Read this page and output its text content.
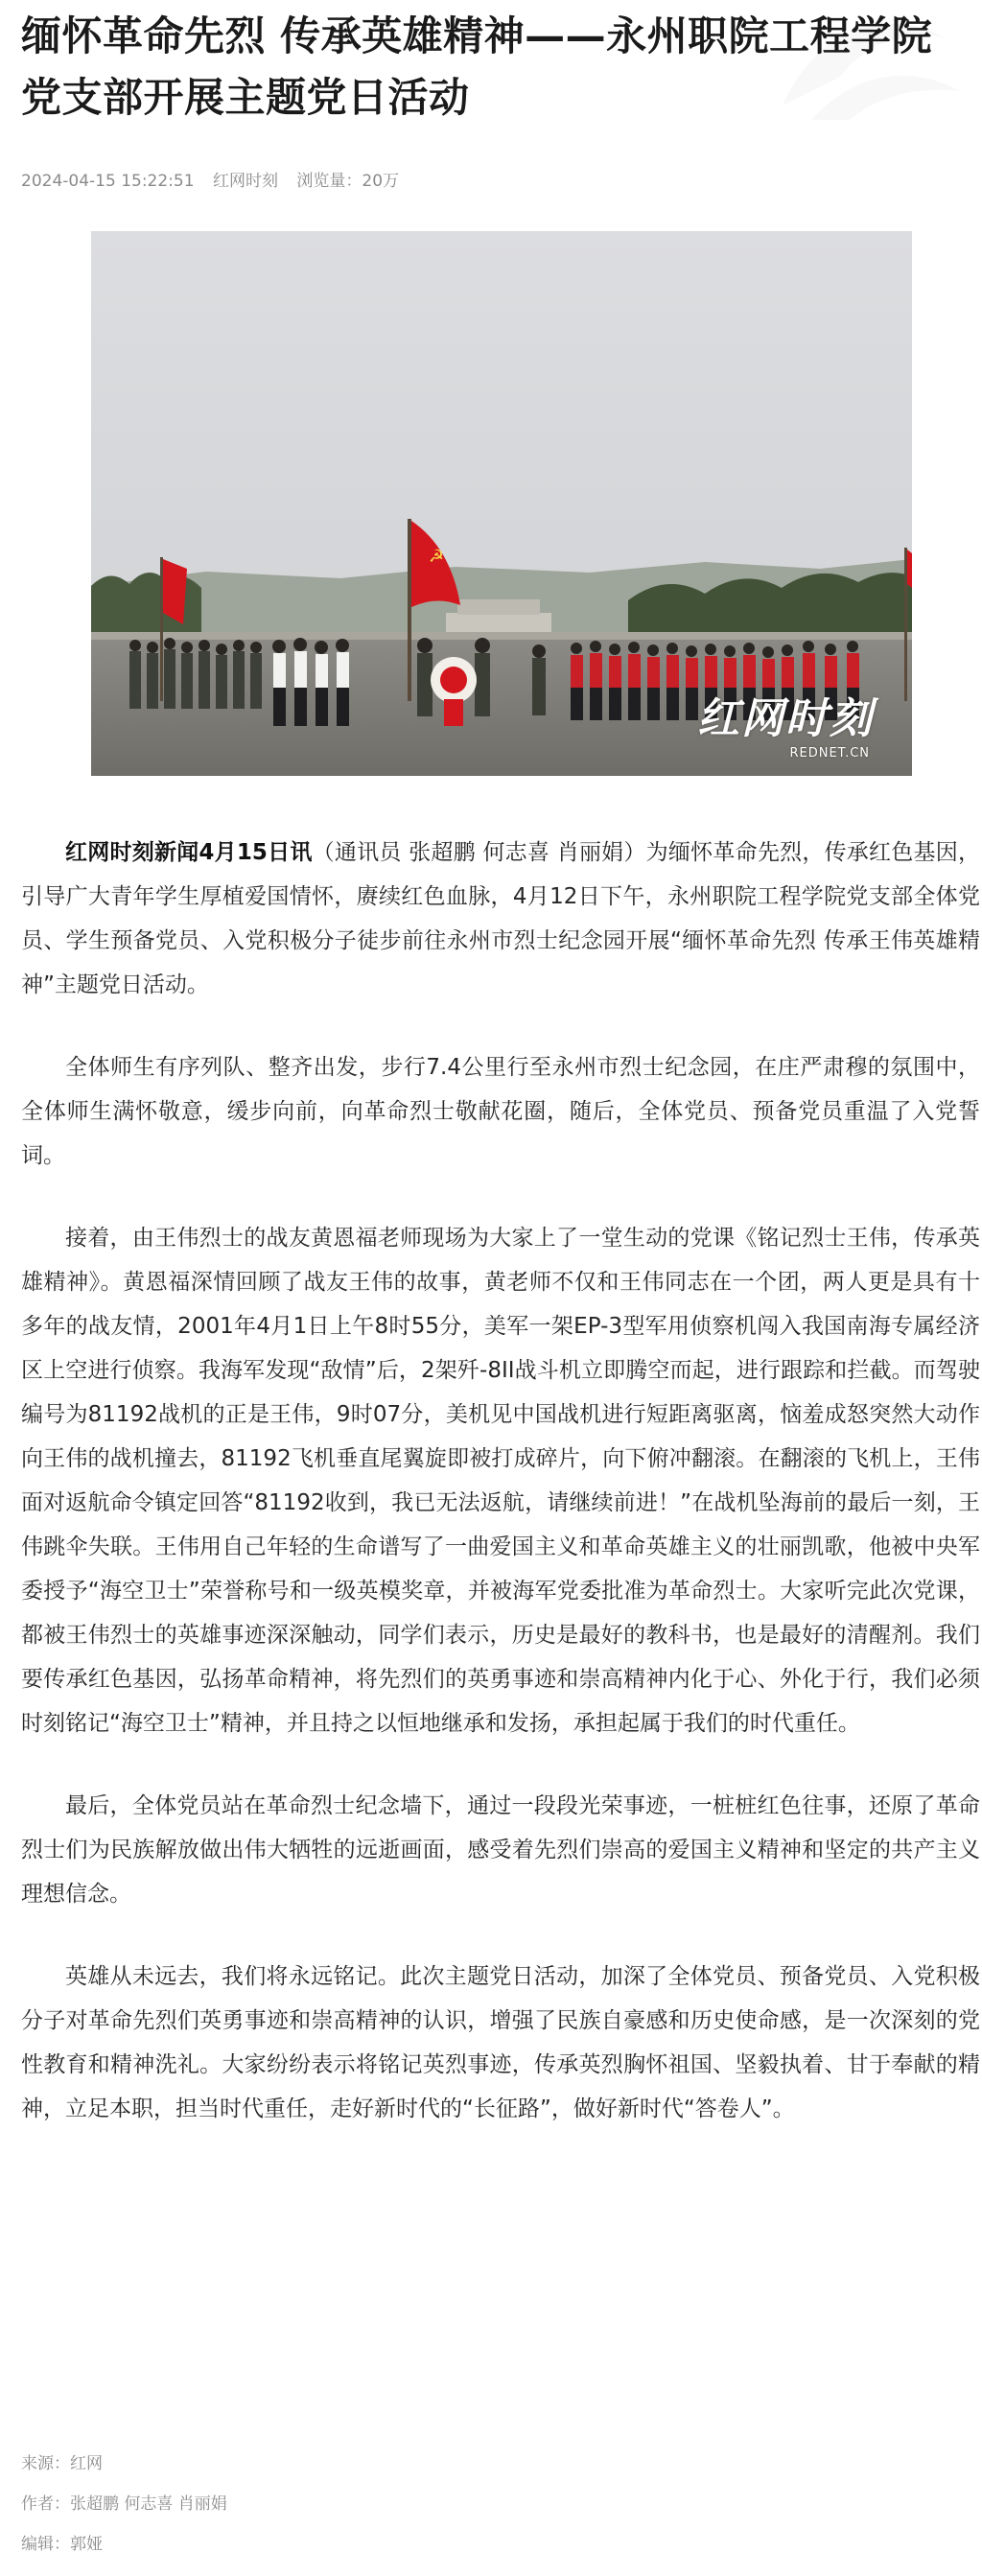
缅怀革命先烈 传承英雄精神——永州职院工程学院党支部开展主题党日活动
2024-04-15 15:22:51 红网时刻 浏览量：20万
☭
红网时刻
REDNET.CN

红网时刻新闻4月15日讯（通讯员 张超鹏 何志喜 肖丽娟）为缅怀革命先烈，传承红色基因，引导广大青年学生厚植爱国情怀，赓续红色血脉，4月12日下午，永州职院工程学院党支部全体党员、学生预备党员、入党积极分子徒步前往永州市烈士纪念园开展“缅怀革命先烈 传承王伟英雄精神”主题党日活动。

全体师生有序列队、整齐出发，步行7.4公里行至永州市烈士纪念园，在庄严肃穆的氛围中，全体师生满怀敬意，缓步向前，向革命烈士敬献花圈，随后，全体党员、预备党员重温了入党誓词。

接着，由王伟烈士的战友黄恩福老师现场为大家上了一堂生动的党课《铭记烈士王伟，传承英雄精神》。黄恩福深情回顾了战友王伟的故事，黄老师不仅和王伟同志在一个团，两人更是具有十多年的战友情，2001年4月1日上午8时55分，美军一架EP-3型军用侦察机闯入我国南海专属经济区上空进行侦察。我海军发现“敌情”后，2架歼-8II战斗机立即腾空而起，进行跟踪和拦截。而驾驶编号为81192战机的正是王伟，9时07分，美机见中国战机进行短距离驱离，恼羞成怒突然大动作向王伟的战机撞去，81192飞机垂直尾翼旋即被打成碎片，向下俯冲翻滚。在翻滚的飞机上，王伟面对返航命令镇定回答“81192收到，我已无法返航，请继续前进！”在战机坠海前的最后一刻，王伟跳伞失联。王伟用自己年轻的生命谱写了一曲爱国主义和革命英雄主义的壮丽凯歌，他被中央军委授予“海空卫士”荣誉称号和一级英模奖章，并被海军党委批准为革命烈士。大家听完此次党课，都被王伟烈士的英雄事迹深深触动，同学们表示，历史是最好的教科书，也是最好的清醒剂。我们要传承红色基因，弘扬革命精神，将先烈们的英勇事迹和崇高精神内化于心、外化于行，我们必须时刻铭记“海空卫士”精神，并且持之以恒地继承和发扬，承担起属于我们的时代重任。

最后，全体党员站在革命烈士纪念墙下，通过一段段光荣事迹，一桩桩红色往事，还原了革命烈士们为民族解放做出伟大牺牲的远逝画面，感受着先烈们崇高的爱国主义精神和坚定的共产主义理想信念。

英雄从未远去，我们将永远铭记。此次主题党日活动，加深了全体党员、预备党员、入党积极分子对革命先烈们英勇事迹和崇高精神的认识，增强了民族自豪感和历史使命感，是一次深刻的党性教育和精神洗礼。大家纷纷表示将铭记英烈事迹，传承英烈胸怀祖国、坚毅执着、甘于奉献的精神，立足本职，担当时代重任，走好新时代的“长征路”，做好新时代“答卷人”。

来源：红网
作者：张超鹏 何志喜 肖丽娟
编辑：郭娅
